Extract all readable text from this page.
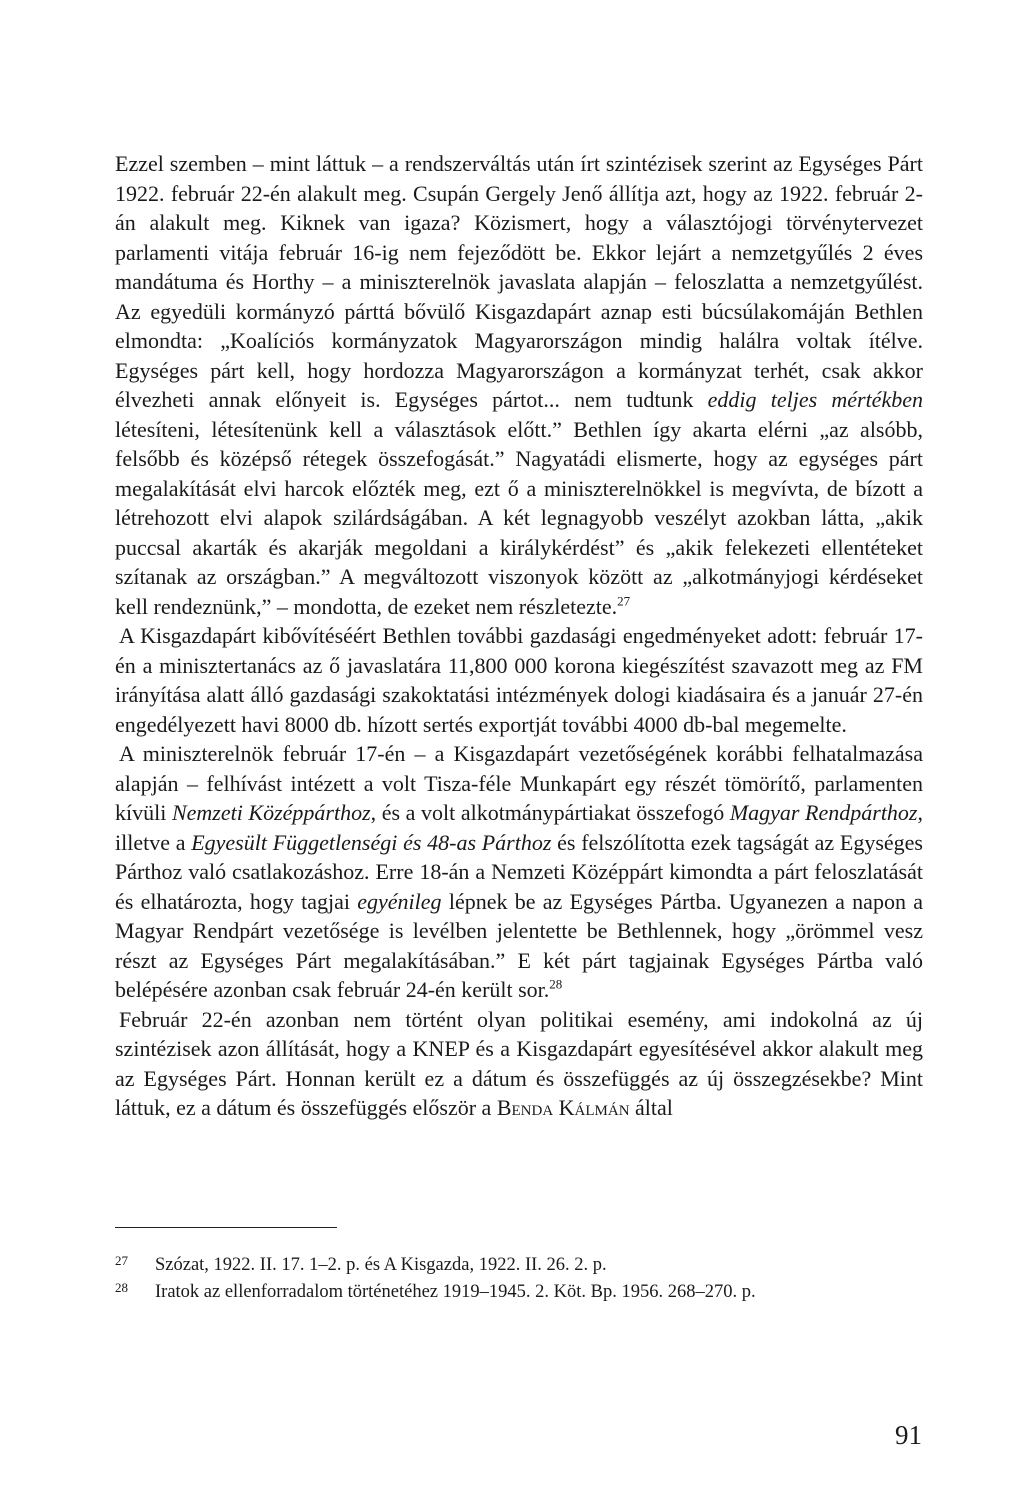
Ezzel szemben – mint láttuk – a rendszerváltás után írt szintézisek szerint az Egységes Párt 1922. február 22-én alakult meg. Csupán Gergely Jenő állítja azt, hogy az 1922. február 2-án alakult meg. Kiknek van igaza? Közismert, hogy a választójogi törvénytervezet parlamenti vitája február 16-ig nem fejeződött be. Ekkor lejárt a nemzetgyűlés 2 éves mandátuma és Horthy – a miniszterelnök javaslata alapján – feloszlatta a nemzetgyűlést. Az egyedüli kormányzó párttá bővülő Kisgazdapárt aznap esti búcsúlakomáján Bethlen elmondta: „Koalíciós kormányzatok Magyarországon mindig halálra voltak ítélve. Egységes párt kell, hogy hordozza Magyarországon a kormányzat terhét, csak akkor élvezheti annak előnyeit is. Egységes pártot... nem tudtunk eddig teljes mértékben létesíteni, létesítenünk kell a választások előtt.” Bethlen így akarta elérni „az alsóbb, felsőbb és középső rétegek összefogását.” Nagyatádi elismerte, hogy az egységes párt megalakítását elvi harcok előzték meg, ezt ő a miniszterelnökkel is megvívta, de bízott a létrehozott elvi alapok szilárdságában. A két legnagyobb veszélyt azokban látta, „akik puccsal akarták és akarják megoldani a királykérdést” és „akik felekezeti ellentéteket szítanak az országban.” A megváltozott viszonyok között az „alkotmányjogi kérdéseket kell rendeznünk,” – mondotta, de ezeket nem részletezte.$^{27}$

A Kisgazdapárt kibővítéséért Bethlen további gazdasági engedményeket adott: február 17-én a minisztertanács az ő javaslatára 11,800 000 korona kiegészítést szavazott meg az FM irányítása alatt álló gazdasági szakoktatási intézmények dologi kiadásaira és a január 27-én engedélyezett havi 8000 db. hízott sertés exportját további 4000 db-bal megemelte.

A miniszterelnök február 17-én – a Kisgazdapárt vezetőségének korábbi felhatalmazása alapján – felhívást intézett a volt Tisza-féle Munkapárt egy részét tömörítő, parlamenten kívüli Nemzeti Középpárthoz, és a volt alkotmánypártiakat összefogó Magyar Rendpárthoz, illetve a Egyesült Függetlenségi és 48-as Párthoz és felszólította ezek tagságát az Egységes Párthoz való csatlakozáshoz. Erre 18-án a Nemzeti Középpárt kimondta a párt feloszlatását és elhatározta, hogy tagjai egyénileg lépnek be az Egységes Pártba. Ugyanezen a napon a Magyar Rendpárt vezetősége is levélben jelentette be Bethlennek, hogy „örömmel vesz részt az Egységes Párt megalakításában.” E két párt tagjainak Egységes Pártba való belépésére azonban csak február 24-én került sor.$^{28}$

Február 22-én azonban nem történt olyan politikai esemény, ami indokolná az új szintézisek azon állítását, hogy a KNEP és a Kisgazdapárt egyesítésével akkor alakult meg az Egységes Párt. Honnan került ez a dátum és összefüggés az új összegzésekbe? Mint láttuk, ez a dátum és összefüggés először a Benda Kálmán által

27	Szózat, 1922. II. 17. 1–2. p. és A Kisgazda, 1922. II. 26. 2. p.
28	Iratok az ellenforradalom történetéhez 1919–1945. 2. Köt. Bp. 1956. 268–270. p.
91
